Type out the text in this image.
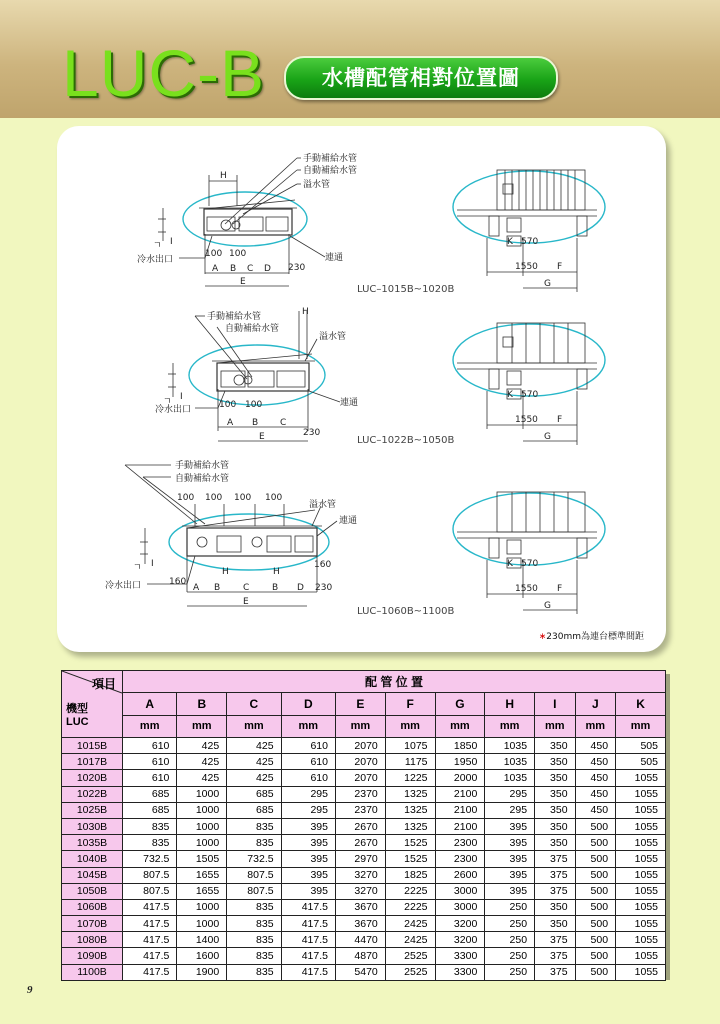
LUC-B	水槽配管相對位置圖
H
手動補給水管
自動補給水管
溢水管
連通
ㄱ I
冷水出口
100 100
A B C D 230
E
LUC–1015B~1020B
K 570
1550 F
G
H
手動補給水管
自動補給水管
溢水管
連通
ㄱ I
冷水出口	100 100
A B C
230
E	LUC–1022B~1050B
K 570
1550 F
G
手動補給水管
自動補給水管
100 100 100 100
溢水管
連通
ㄱ I
冷水出口	160
H	H
160
A B	C	B D 230
E
LUC–1060B~1100B
K 570
1550 F
G
∗230mm為連台標準間距
項目
機型
LUC	配 管 位 置										
	A	B	C	D	E	F	G	H	I	J	K
	mm	mm	mm	mm	mm	mm	mm	mm	mm	mm	mm
1015B	610	425	425	610	2070	1075	1850	1035	350	450	505
1017B	610	425	425	610	2070	1175	1950	1035	350	450	505
1020B	610	425	425	610	2070	1225	2000	1035	350	450	1055
1022B	685	1000	685	295	2370	1325	2100	295	350	450	1055
1025B	685	1000	685	295	2370	1325	2100	295	350	450	1055
1030B	835	1000	835	395	2670	1325	2100	395	350	500	1055
1035B	835	1000	835	395	2670	1525	2300	395	350	500	1055
1040B	732.5	1505	732.5	395	2970	1525	2300	395	375	500	1055
1045B	807.5	1655	807.5	395	3270	1825	2600	395	375	500	1055
1050B	807.5	1655	807.5	395	3270	2225	3000	395	375	500	1055
1060B	417.5	1000	835	417.5	3670	2225	3000	250	350	500	1055
1070B	417.5	1000	835	417.5	3670	2425	3200	250	350	500	1055
1080B	417.5	1400	835	417.5	4470	2425	3200	250	375	500	1055
1090B	417.5	1600	835	417.5	4870	2525	3300	250	375	500	1055
1100B	417.5	1900	835	417.5	5470	2525	3300	250	375	500	1055
9
